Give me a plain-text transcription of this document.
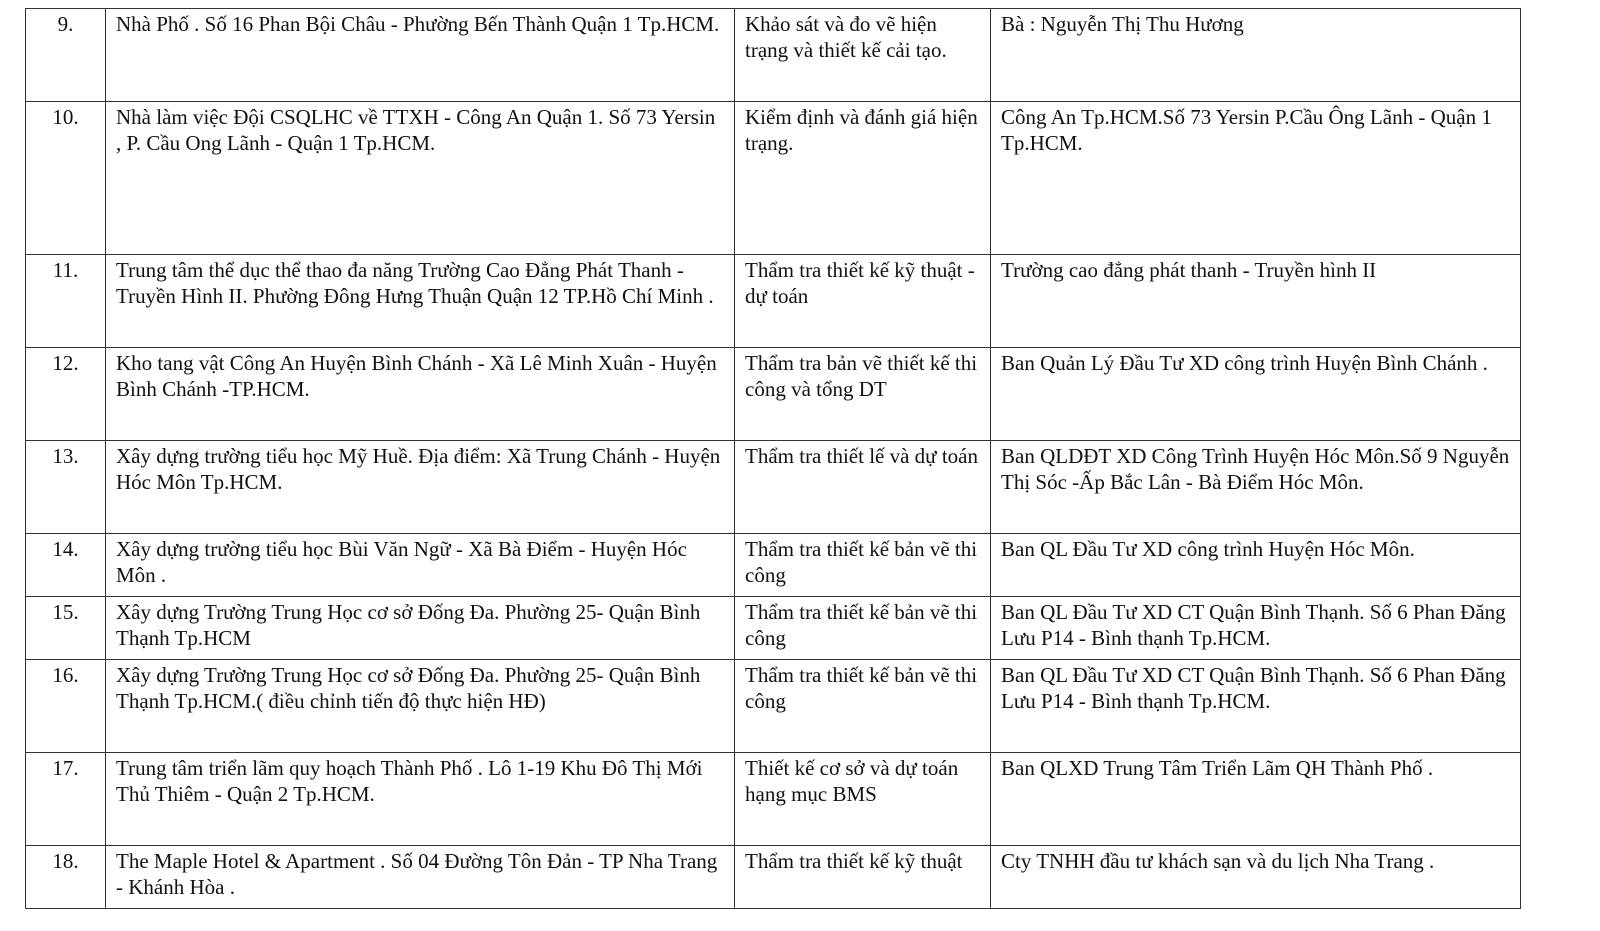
9.	Nhà Phố . Số 16 Phan Bội Châu - Phường Bến Thành Quận 1 Tp.HCM.	Khảo sát và đo vẽ hiện trạng và thiết kế cải tạo.	Bà : Nguyễn Thị Thu Hương
10.	Nhà làm việc Đội CSQLHC về TTXH - Công An Quận 1. Số 73 Yersin , P. Cầu Ong Lãnh - Quận 1 Tp.HCM.	Kiểm định và đánh giá hiện trạng.	Công An Tp.HCM.Số 73 Yersin P.Cầu Ông Lãnh - Quận 1 Tp.HCM.
11.	Trung tâm thể dục thể thao đa năng Trường Cao Đẳng Phát Thanh - Truyền Hình II. Phường Đông Hưng Thuận Quận 12 TP.Hồ Chí Minh .	Thẩm tra thiết kế kỹ thuật - dự toán	Trường cao đẳng phát thanh - Truyền hình II
12.	Kho tang vật Công An Huyện Bình Chánh - Xã Lê Minh Xuân - Huyện Bình Chánh -TP.HCM.	Thẩm tra bản vẽ thiết kế thi công và tổng DT	Ban Quản Lý Đầu Tư XD công trình Huyện Bình Chánh .
13.	Xây dựng trường tiểu học Mỹ Huề. Địa điểm: Xã Trung Chánh - Huyện Hóc Môn Tp.HCM.	Thẩm tra thiết lế và dự toán	Ban QLDĐT XD Công Trình Huyện Hóc Môn.Số 9 Nguyễn Thị Sóc -Ấp Bắc Lân - Bà Điểm Hóc Môn.
14.	Xây dựng trường tiểu học Bùi Văn Ngữ - Xã Bà Điểm - Huyện Hóc Môn .	Thẩm tra thiết kế bản vẽ thi công	Ban QL Đầu Tư XD công trình Huyện Hóc Môn.
15.	Xây dựng Trường Trung Học cơ sở Đống Đa. Phường 25- Quận Bình Thạnh Tp.HCM	Thẩm tra thiết kế bản vẽ thi công	Ban QL Đầu Tư XD CT Quận Bình Thạnh. Số 6 Phan Đăng Lưu P14 - Bình thạnh Tp.HCM.
16.	Xây dựng Trường Trung Học cơ sở Đống Đa. Phường 25- Quận Bình Thạnh Tp.HCM.( điều chỉnh tiến độ thực hiện HĐ)	Thẩm tra thiết kế bản vẽ thi công	Ban QL Đầu Tư XD CT Quận Bình Thạnh. Số 6 Phan Đăng Lưu P14 - Bình thạnh Tp.HCM.
17.	Trung tâm triển lãm quy hoạch Thành Phố . Lô 1-19 Khu Đô Thị Mới Thủ Thiêm - Quận 2 Tp.HCM.	Thiết kế cơ sở và dự toán hạng mục BMS	Ban QLXD Trung Tâm Triển Lãm QH Thành Phố .
18.	The Maple Hotel & Apartment . Số 04 Đường Tôn Đản - TP Nha Trang - Khánh Hòa .	Thẩm tra thiết kế kỹ thuật	Cty TNHH đầu tư khách sạn và du lịch Nha Trang .
